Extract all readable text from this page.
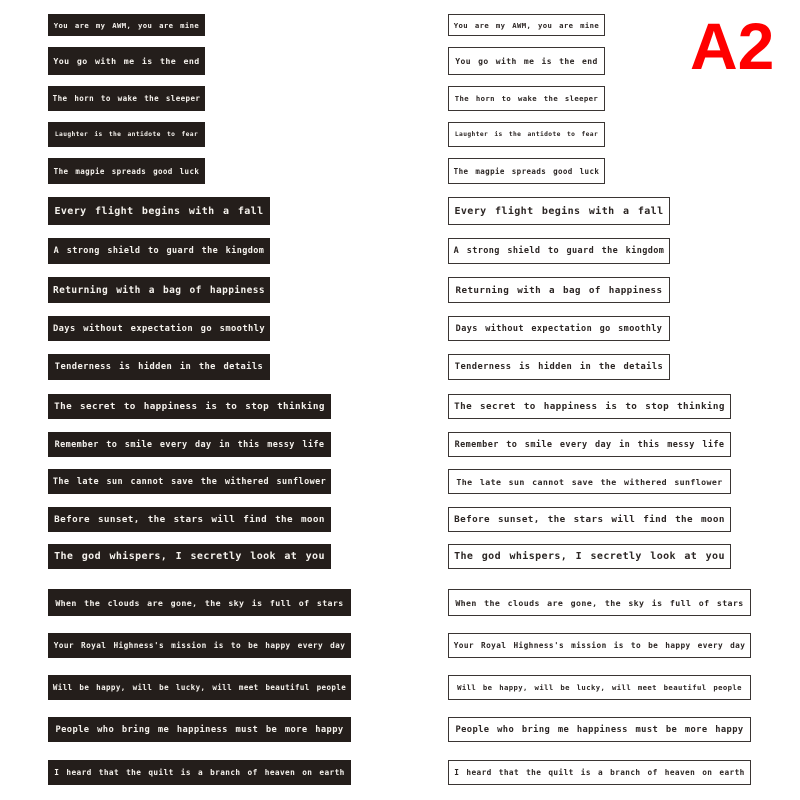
A2
You are my AWM, you are mine	You are my AWM, you are mine
You go with me is the end	You go with me is the end
The horn to wake the sleeper	The horn to wake the sleeper
Laughter is the antidote to fear	Laughter is the antidote to fear
The magpie spreads good luck	The magpie spreads good luck
Every flight begins with a fall	Every flight begins with a fall
A strong shield to guard the kingdom	A strong shield to guard the kingdom
Returning with a bag of happiness	Returning with a bag of happiness
Days without expectation go smoothly	Days without expectation go smoothly
Tenderness is hidden in the details	Tenderness is hidden in the details
The secret to happiness is to stop thinking	The secret to happiness is to stop thinking
Remember to smile every day in this messy life	Remember to smile every day in this messy life
The late sun cannot save the withered sunflower	The late sun cannot save the withered sunflower
Before sunset, the stars will find the moon	Before sunset, the stars will find the moon
The god whispers, I secretly look at you	The god whispers, I secretly look at you
When the clouds are gone, the sky is full of stars	When the clouds are gone, the sky is full of stars
Your Royal Highness's mission is to be happy every day	Your Royal Highness's mission is to be happy every day
Will be happy, will be lucky, will meet beautiful people	Will be happy, will be lucky, will meet beautiful people
People who bring me happiness must be more happy	People who bring me happiness must be more happy
I heard that the quilt is a branch of heaven on earth	I heard that the quilt is a branch of heaven on earth
